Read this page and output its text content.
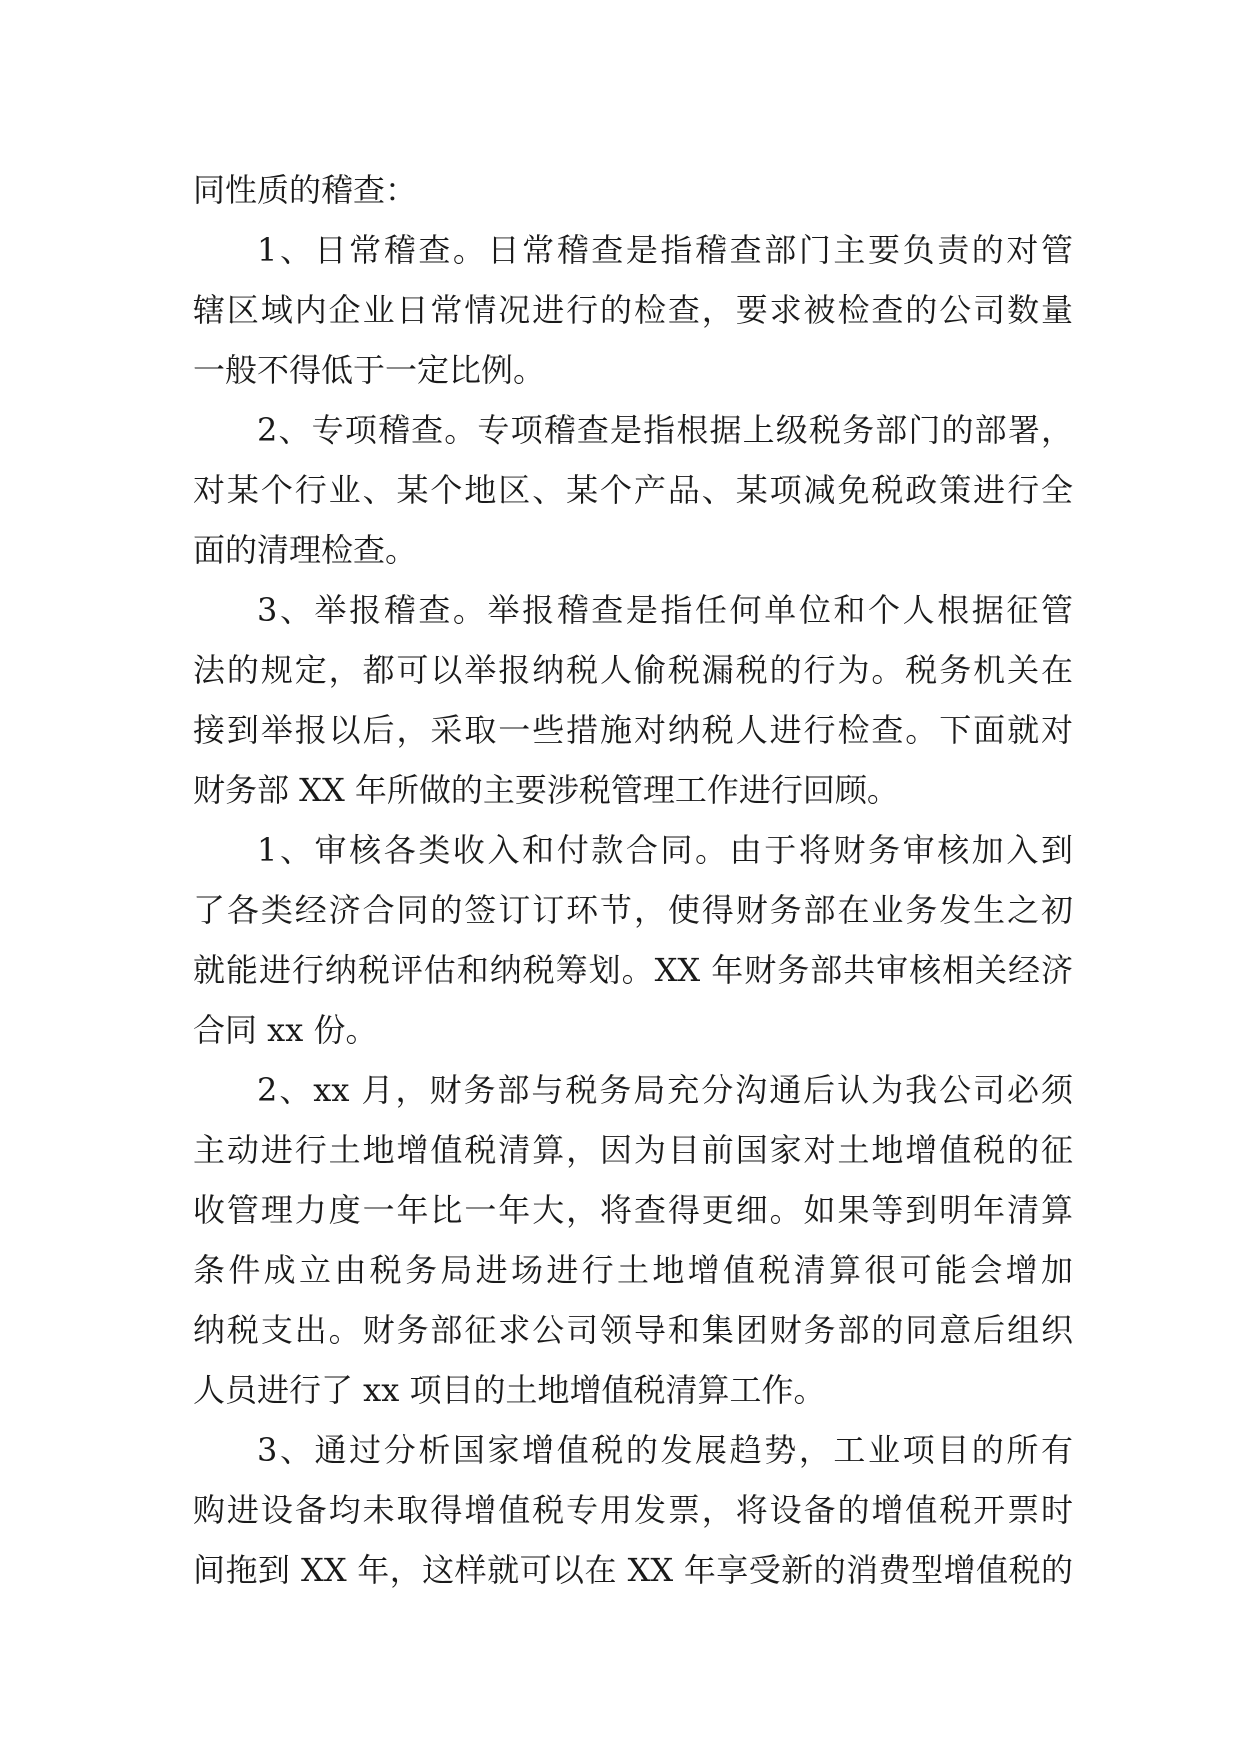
同性质的稽查：
1、日常稽查。日常稽查是指稽查部门主要负责的对管
辖区域内企业日常情况进行的检查，要求被检查的公司数量
一般不得低于一定比例。
2、专项稽查。专项稽查是指根据上级税务部门的部署，
对某个行业、某个地区、某个产品、某项减免税政策进行全
面的清理检查。
3、举报稽查。举报稽查是指任何单位和个人根据征管
法的规定，都可以举报纳税人偷税漏税的行为。税务机关在
接到举报以后，采取一些措施对纳税人进行检查。下面就对
财务部 XX 年所做的主要涉税管理工作进行回顾。
1、审核各类收入和付款合同。由于将财务审核加入到
了各类经济合同的签订订环节，使得财务部在业务发生之初
就能进行纳税评估和纳税筹划。XX 年财务部共审核相关经济
合同 xx 份。
2、xx 月，财务部与税务局充分沟通后认为我公司必须
主动进行土地增值税清算，因为目前国家对土地增值税的征
收管理力度一年比一年大，将查得更细。如果等到明年清算
条件成立由税务局进场进行土地增值税清算很可能会增加
纳税支出。财务部征求公司领导和集团财务部的同意后组织
人员进行了 xx 项目的土地增值税清算工作。
3、通过分析国家增值税的发展趋势，工业项目的所有
购进设备均未取得增值税专用发票，将设备的增值税开票时
间拖到 XX 年，这样就可以在 XX 年享受新的消费型增值税的
